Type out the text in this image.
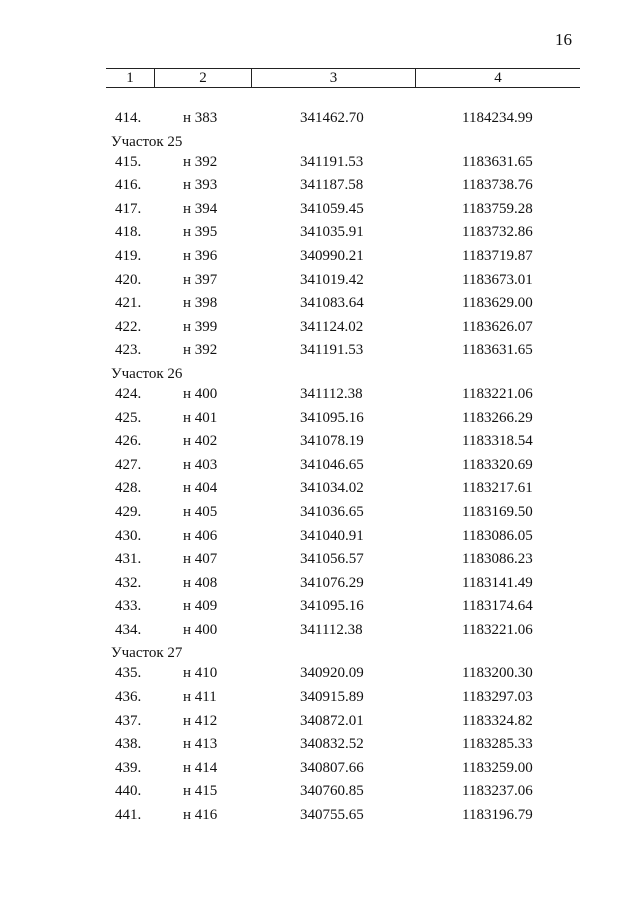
16
1	2	3	4
414.	н 383	341462.70	1184234.99
Участок 25
415.	н 392	341191.53	1183631.65
416.	н 393	341187.58	1183738.76
417.	н 394	341059.45	1183759.28
418.	н 395	341035.91	1183732.86
419.	н 396	340990.21	1183719.87
420.	н 397	341019.42	1183673.01
421.	н 398	341083.64	1183629.00
422.	н 399	341124.02	1183626.07
423.	н 392	341191.53	1183631.65
Участок 26
424.	н 400	341112.38	1183221.06
425.	н 401	341095.16	1183266.29
426.	н 402	341078.19	1183318.54
427.	н 403	341046.65	1183320.69
428.	н 404	341034.02	1183217.61
429.	н 405	341036.65	1183169.50
430.	н 406	341040.91	1183086.05
431.	н 407	341056.57	1183086.23
432.	н 408	341076.29	1183141.49
433.	н 409	341095.16	1183174.64
434.	н 400	341112.38	1183221.06
Участок 27
435.	н 410	340920.09	1183200.30
436.	н 411	340915.89	1183297.03
437.	н 412	340872.01	1183324.82
438.	н 413	340832.52	1183285.33
439.	н 414	340807.66	1183259.00
440.	н 415	340760.85	1183237.06
441.	н 416	340755.65	1183196.79
